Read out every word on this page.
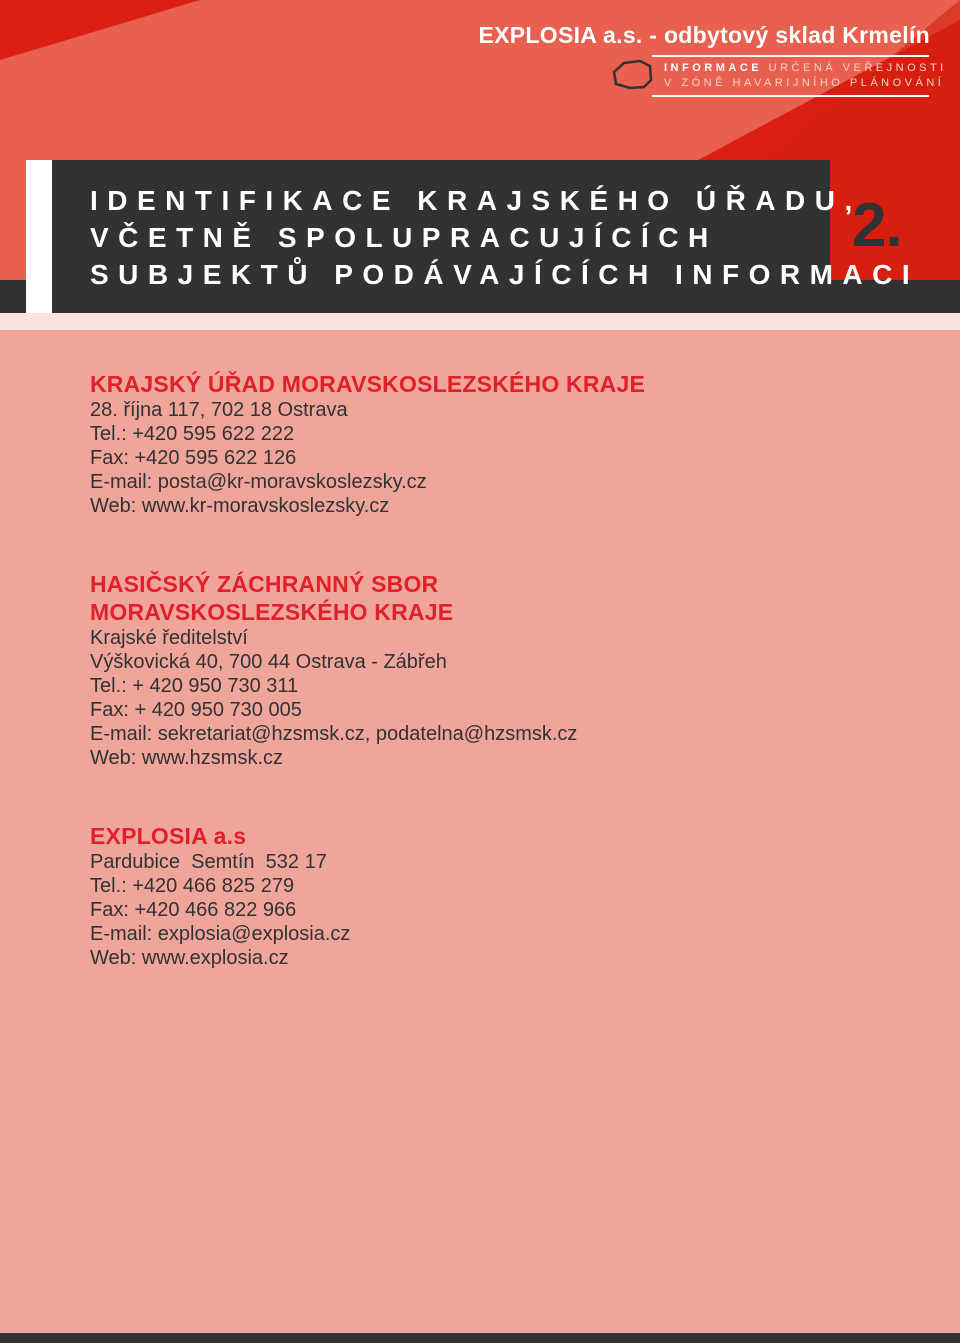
EXPLOSIA a.s. - odbytový sklad Krmelín
INFORMACE URČENÁ VEŘEJNOSTI
V ZÓNĚ HAVARIJNÍHO PLÁNOVÁNÍ
IDENTIFIKACE KRAJSKÉHO ÚŘADU,
VČETNĚ SPOLUPRACUJÍCÍCH
SUBJEKTŮ PODÁVAJÍCÍCH INFORMACI
2.
KRAJSKÝ ÚŘAD MORAVSKOSLEZSKÉHO KRAJE
28. října 117, 702 18 Ostrava
Tel.: +420 595 622 222
Fax: +420 595 622 126
E-mail: posta@kr-moravskoslezsky.cz
Web: www.kr-moravskoslezsky.cz
HASIČSKÝ ZÁCHRANNÝ SBOR
MORAVSKOSLEZSKÉHO KRAJE
Krajské ředitelství
Výškovická 40, 700 44 Ostrava - Zábřeh
Tel.: + 420 950 730 311
Fax: + 420 950 730 005
E-mail: sekretariat@hzsmsk.cz, podatelna@hzsmsk.cz
Web: www.hzsmsk.cz
EXPLOSIA a.s
Pardubice  Semtín  532 17
Tel.: +420 466 825 279
Fax: +420 466 822 966
E-mail: explosia@explosia.cz
Web: www.explosia.cz
